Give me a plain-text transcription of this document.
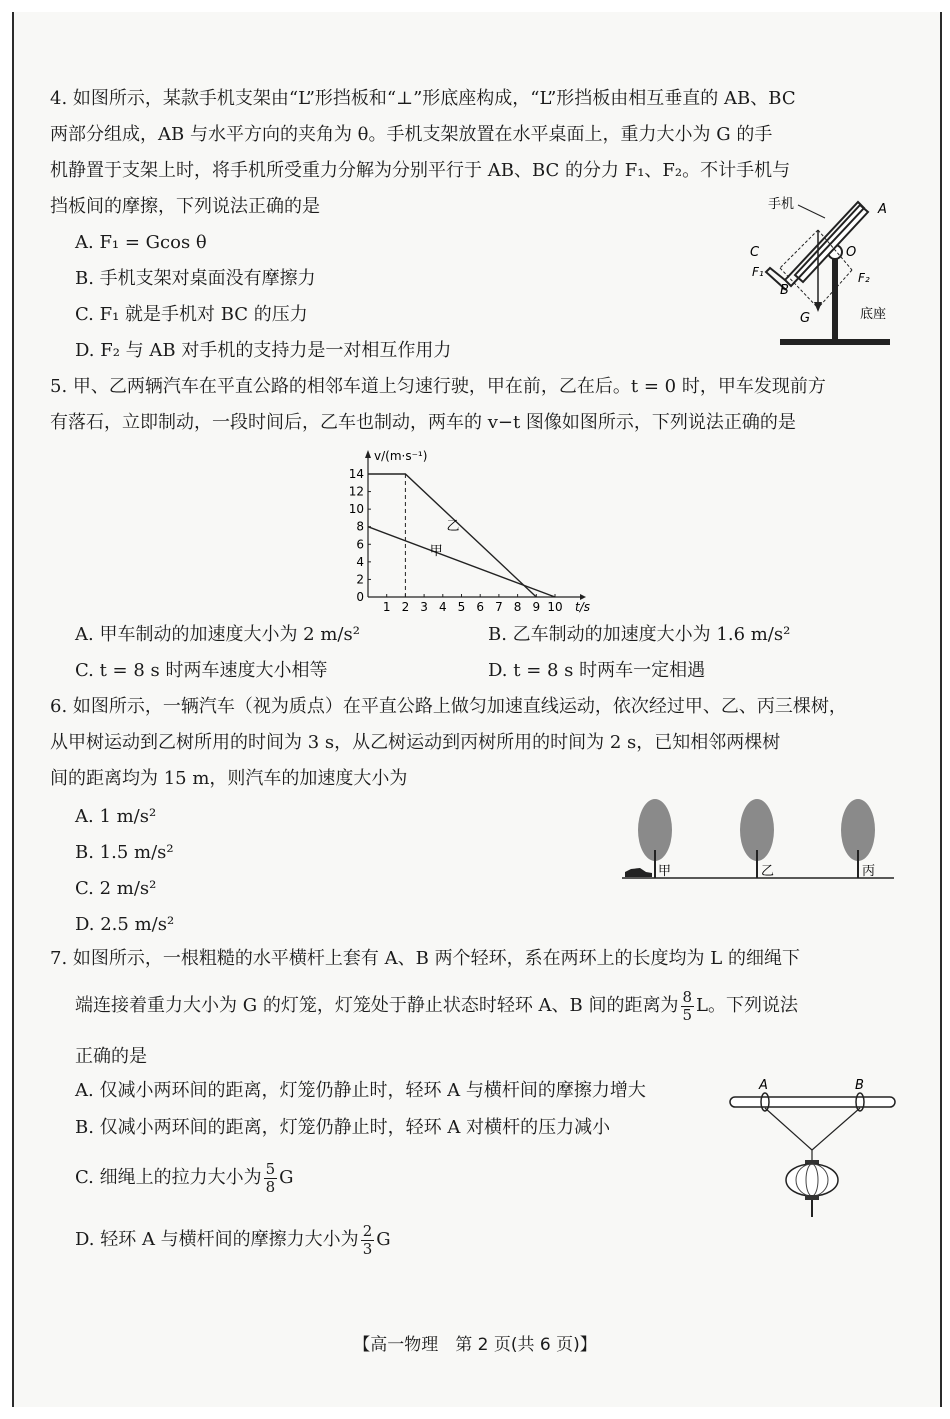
4. 如图所示，某款手机支架由“L”形挡板和“⊥”形底座构成，“L”形挡板由相互垂直的 AB、BC
两部分组成，AB 与水平方向的夹角为 θ。手机支架放置在水平桌面上，重力大小为 G 的手
机静置于支架上时，将手机所受重力分解为分别平行于 AB、BC 的分力 F₁、F₂。不计手机与
挡板间的摩擦，下列说法正确的是
A. F₁ = Gcos θ
B. 手机支架对桌面没有摩擦力
C. F₁ 就是手机对 BC 的压力
D. F₂ 与 AB 对手机的支持力是一对相互作用力
手机	A
C	O
F₁	F₂
B
G	底座
5. 甲、乙两辆汽车在平直公路的相邻车道上匀速行驶，甲在前，乙在后。t = 0 时，甲车发现前方
有落石，立即制动，一段时间后，乙车也制动，两车的 v−t 图像如图所示，下列说法正确的是
1 2 3 4 5 6 7 8 9 10
0
2
4
6
8
10
12
14
t/s
v/(m·s⁻¹)
乙
甲
A. 甲车制动的加速度大小为 2 m/s²	B. 乙车制动的加速度大小为 1.6 m/s²
C. t = 8 s 时两车速度大小相等	D. t = 8 s 时两车一定相遇
6. 如图所示，一辆汽车（视为质点）在平直公路上做匀加速直线运动，依次经过甲、乙、丙三棵树，
从甲树运动到乙树所用的时间为 3 s，从乙树运动到丙树所用的时间为 2 s，已知相邻两棵树
间的距离均为 15 m，则汽车的加速度大小为
A. 1 m/s²
B. 1.5 m/s²
C. 2 m/s²
D. 2.5 m/s²
甲	乙	丙
7. 如图所示，一根粗糙的水平横杆上套有 A、B 两个轻环，系在两环上的长度均为 L 的细绳下
端连接着重力大小为 G 的灯笼，灯笼处于静止状态时轻环 A、B 间的距离为 $\frac{8}{5}$ L。下列说法
正确的是
A. 仅减小两环间的距离，灯笼仍静止时，轻环 A 与横杆间的摩擦力增大
B. 仅减小两环间的距离，灯笼仍静止时，轻环 A 对横杆的压力减小
C. 细绳上的拉力大小为 $\frac{5}{8}$ G
D. 轻环 A 与横杆间的摩擦力大小为 $\frac{2}{3}$ G
A	B
【高一物理　第 2 页(共 6 页)】
